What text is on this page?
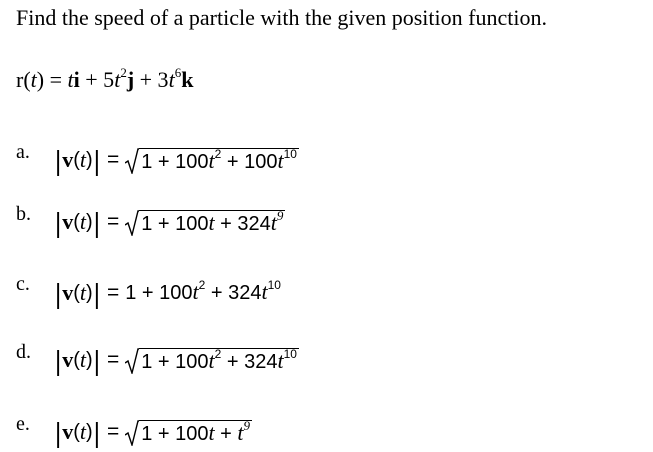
Find the speed of a particle with the given position function.
r(t) = ti + $5t^2j + 3t^6k$
a. | v ( t ) | = $1 + 100t^2 + 100t^{10}$
b. | v ( t ) | = $1 + 100t + 324t^9$
c. | v ( t ) | = $1 + 100t^2 + 324t^{10}$
d. | v ( t ) | = $1 + 100t^2 + 324t^{10}$
e. | v ( t ) | = $1 + 100t + t^9$
